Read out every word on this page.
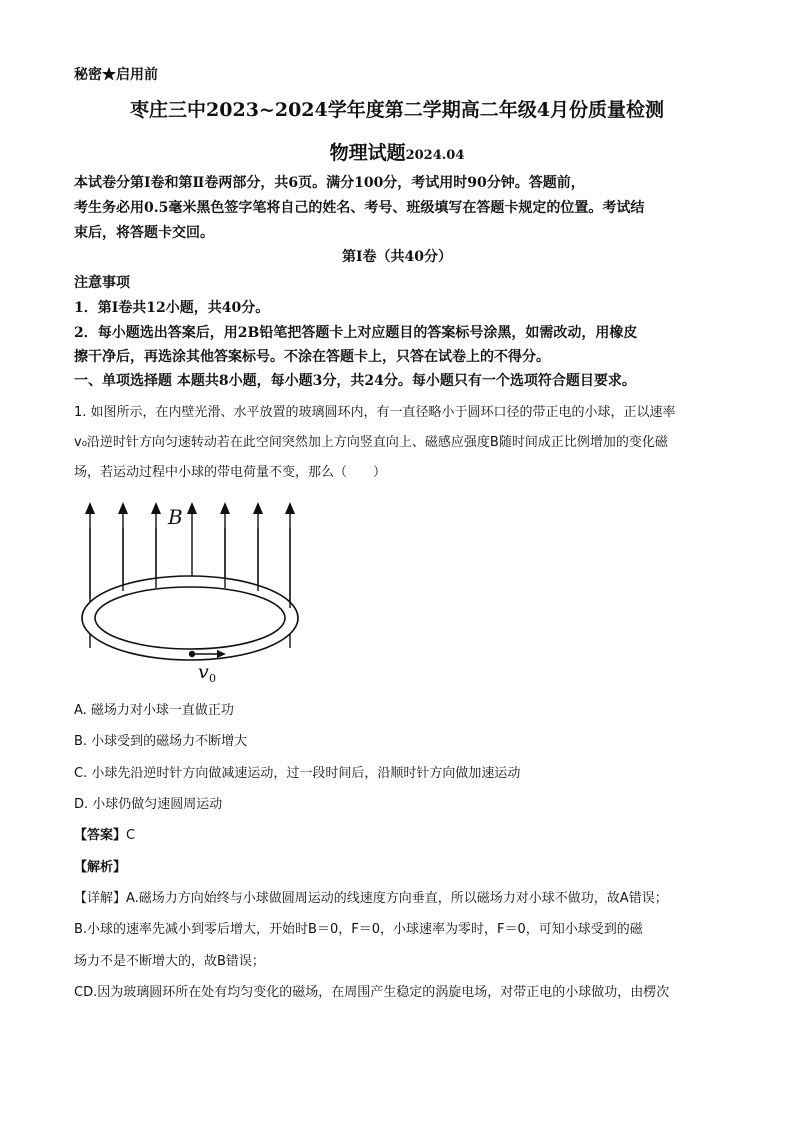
秘密★启用前
枣庄三中2023~2024学年度第二学期高二年级4月份质量检测
物理试题2024.04
本试卷分第Ⅰ卷和第Ⅱ卷两部分，共6页。满分100分，考试用时90分钟。答题前，
考生务必用0.5毫米黑色签字笔将自己的姓名、考号、班级填写在答题卡规定的位置。考试结
束后，将答题卡交回。
第Ⅰ卷（共40分）
注意事项
1．第Ⅰ卷共12小题，共40分。
2．每小题选出答案后，用2B铅笔把答题卡上对应题目的答案标号涂黑，如需改动，用橡皮
擦干净后，再选涂其他答案标号。不涂在答题卡上，只答在试卷上的不得分。
一、单项选择题 本题共8小题，每小题3分，共24分。每小题只有一个选项符合题目要求。
1. 如图所示，在内壁光滑、水平放置的玻璃圆环内，有一直径略小于圆环口径的带正电的小球，正以速率
v₀沿逆时针方向匀速转动若在此空间突然加上方向竖直向上、磁感应强度B随时间成正比例增加的变化磁
场，若运动过程中小球的带电荷量不变，那么（　　）
B
v 0
A. 磁场力对小球一直做正功
B. 小球受到的磁场力不断增大
C. 小球先沿逆时针方向做减速运动，过一段时间后，沿顺时针方向做加速运动
D. 小球仍做匀速圆周运动
【答案】C
【解析】
【详解】A.磁场力方向始终与小球做圆周运动的线速度方向垂直，所以磁场力对小球不做功，故A错误；
B.小球的速率先减小到零后增大，开始时B＝0，F＝0，小球速率为零时，F＝0，可知小球受到的磁
场力不是不断增大的，故B错误；
CD.因为玻璃圆环所在处有均匀变化的磁场，在周围产生稳定的涡旋电场，对带正电的小球做功，由楞次
